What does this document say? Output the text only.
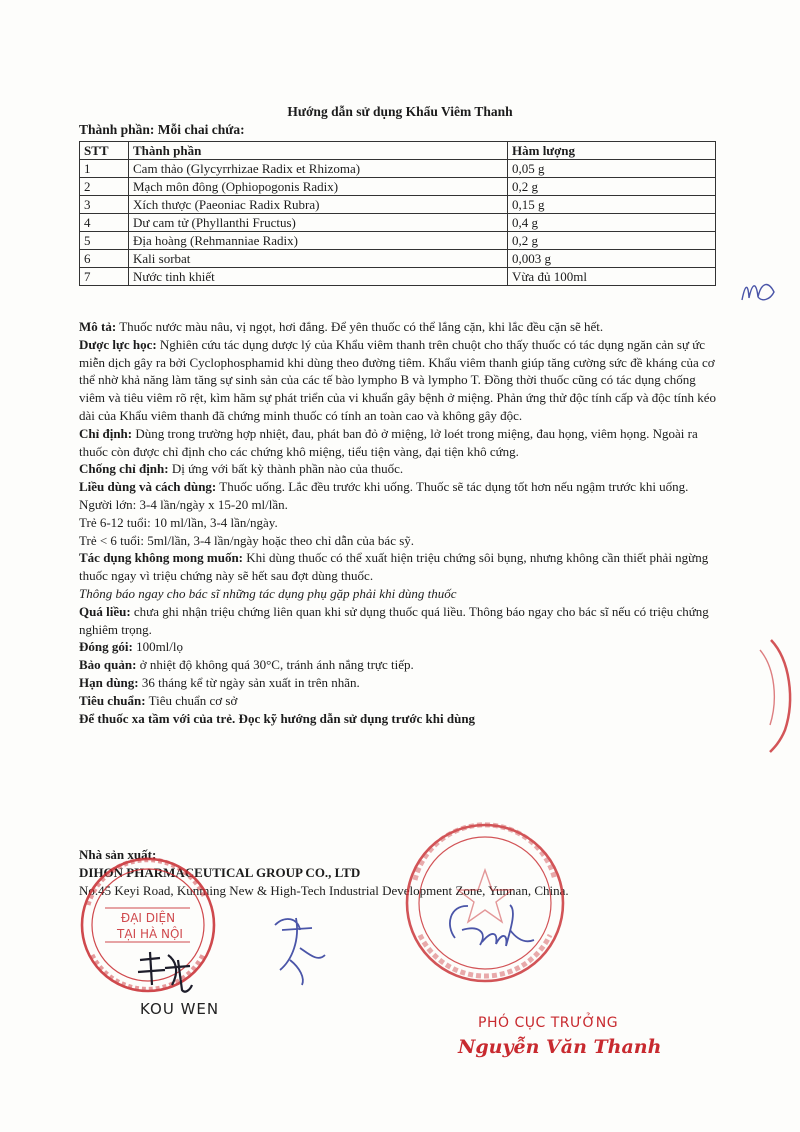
Hướng dẫn sử dụng Khẩu Viêm Thanh
Thành phần: Mỗi chai chứa:
STT	Thành phần	Hàm lượng
1	Cam thảo (Glycyrrhizae Radix et Rhizoma)	0,05 g
2	Mạch môn đông (Ophiopogonis Radix)	0,2 g
3	Xích thược (Paeoniac Radix Rubra)	0,15 g
4	Dư cam tử (Phyllanthi Fructus)	0,4 g
5	Địa hoàng (Rehmanniae Radix)	0,2 g
6	Kali sorbat	0,003 g
7	Nước tinh khiết	Vừa đủ 100ml

Mô tả: Thuốc nước màu nâu, vị ngọt, hơi đắng. Để yên thuốc có thể lắng cặn, khi lắc đều cặn sẽ hết.

Dược lực học: Nghiên cứu tác dụng dược lý của Khẩu viêm thanh trên chuột cho thấy thuốc có tác dụng ngăn cản sự ức miễn dịch gây ra bởi Cyclophosphamid khi dùng theo đường tiêm. Khẩu viêm thanh giúp tăng cường sức đề kháng của cơ thể nhờ khả năng làm tăng sự sinh sản của các tế bào lympho B và lympho T. Đồng thời thuốc cũng có tác dụng chống viêm và tiêu viêm rõ rệt, kìm hãm sự phát triển của vi khuẩn gây bệnh ở miệng. Phản ứng thử độc tính cấp và độc tính kéo dài của Khẩu viêm thanh đã chứng minh thuốc có tính an toàn cao và không gây độc.

Chỉ định: Dùng trong trường hợp nhiệt, đau, phát ban đỏ ở miệng, lở loét trong miệng, đau họng, viêm họng. Ngoài ra thuốc còn được chỉ định cho các chứng khô miệng, tiểu tiện vàng, đại tiện khô cứng.

Chống chỉ định: Dị ứng với bất kỳ thành phần nào của thuốc.

Liều dùng và cách dùng: Thuốc uống. Lắc đều trước khi uống. Thuốc sẽ tác dụng tốt hơn nếu ngậm trước khi uống.

Người lớn: 3-4 lần/ngày x 15-20 ml/lần.

Trẻ 6-12 tuổi: 10 ml/lần, 3-4 lần/ngày.

Trẻ < 6 tuổi: 5ml/lần, 3-4 lần/ngày hoặc theo chỉ dẫn của bác sỹ.

Tác dụng không mong muốn: Khi dùng thuốc có thể xuất hiện triệu chứng sôi bụng, nhưng không cần thiết phải ngừng thuốc ngay vì triệu chứng này sẽ hết sau đợt dùng thuốc.

Thông báo ngay cho bác sĩ những tác dụng phụ gặp phải khi dùng thuốc

Quá liều: chưa ghi nhận triệu chứng liên quan khi sử dụng thuốc quá liều. Thông báo ngay cho bác sĩ nếu có triệu chứng nghiêm trọng.

Đóng gói: 100ml/lọ

Bảo quản: ở nhiệt độ không quá 30°C, tránh ánh nắng trực tiếp.

Hạn dùng: 36 tháng kể từ ngày sản xuất in trên nhãn.

Tiêu chuẩn: Tiêu chuẩn cơ sở

Để thuốc xa tầm với của trẻ. Đọc kỹ hướng dẫn sử dụng trước khi dùng

Nhà sản xuất:
DIHON PHARMACEUTICAL GROUP CO., LTD
No.45 Keyi Road, Kunming New & High-Tech Industrial Development Zone, Yunnan, China.
ĐẠI DIỆN
TẠI HÀ NỘI
KOU WEN
PHÓ CỤC TRƯỞNG
Nguyễn Văn Thanh
